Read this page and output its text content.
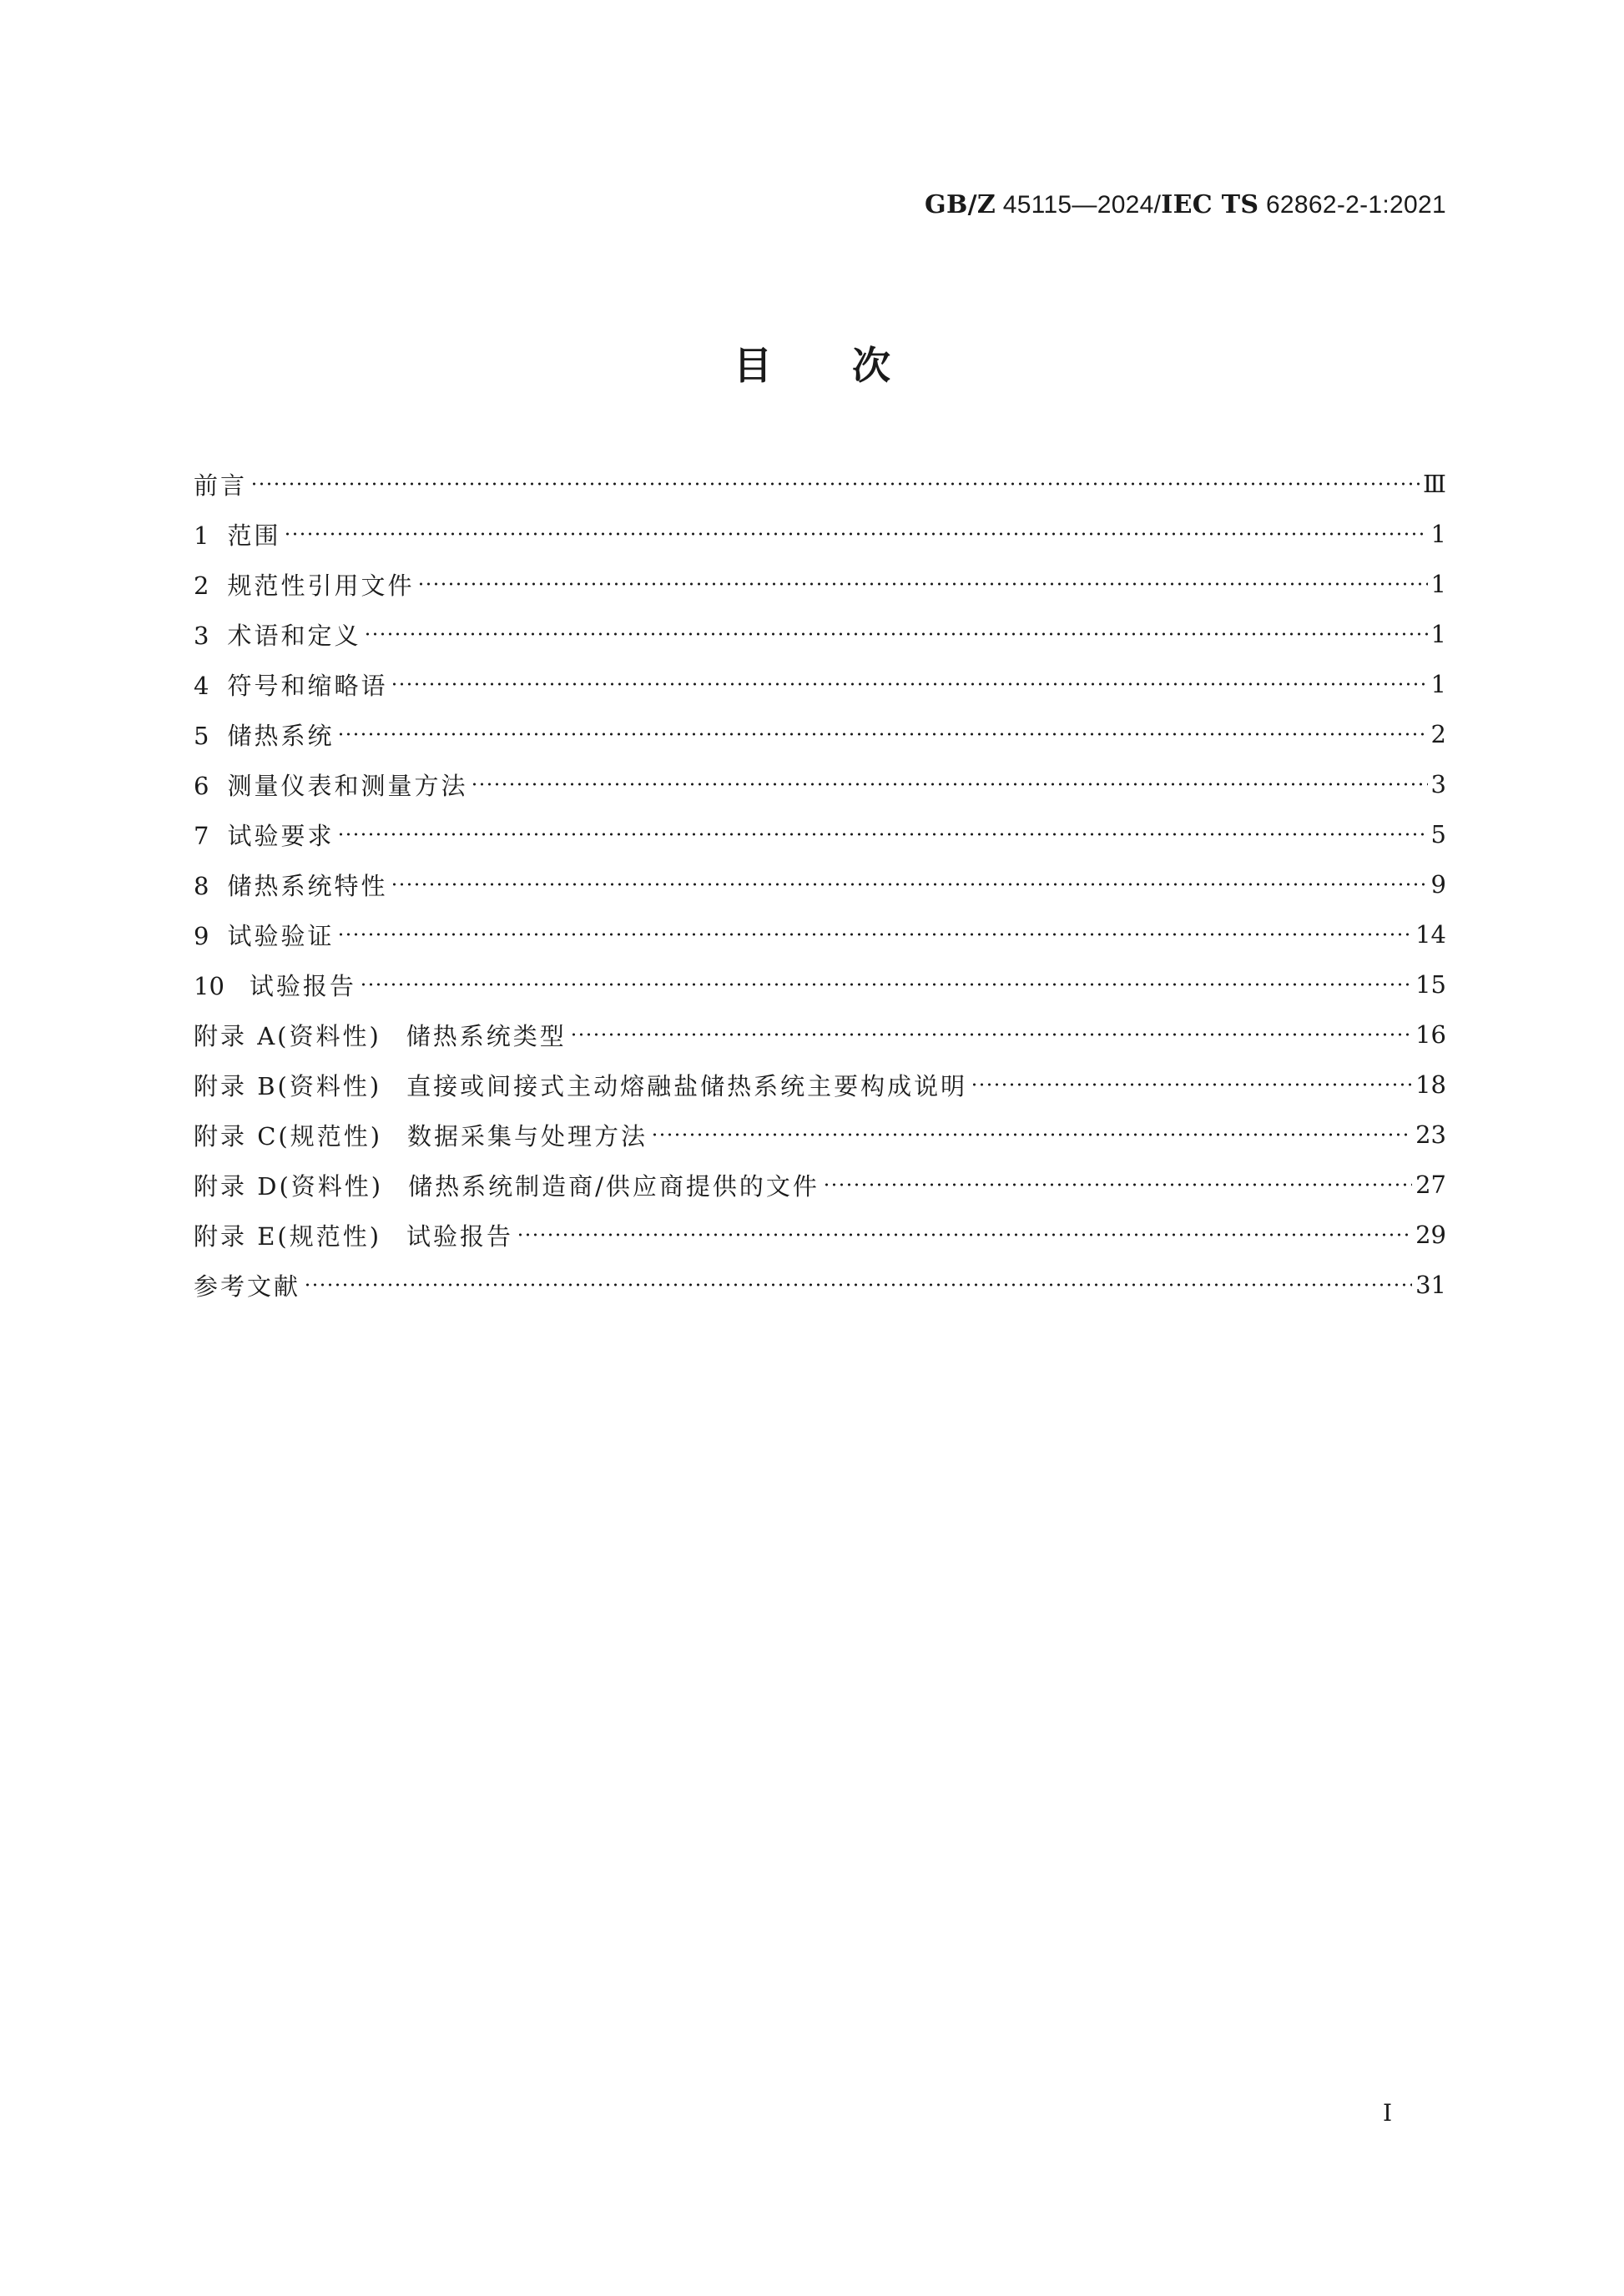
GB/Z 45115—2024/IEC TS 62862-2-1:2021
目次
前言	Ⅲ
1 范围	1
2 规范性引用文件	1
3 术语和定义	1
4 符号和缩略语	1
5 储热系统	2
6 测量仪表和测量方法	3
7 试验要求	5
8 储热系统特性	9
9 试验验证	14
10 试验报告	15
附录 A(资料性) 储热系统类型	16
附录 B(资料性) 直接或间接式主动熔融盐储热系统主要构成说明	18
附录 C(规范性) 数据采集与处理方法	23
附录 D(资料性) 储热系统制造商/供应商提供的文件	27
附录 E(规范性) 试验报告	29
参考文献	31
Ⅰ
